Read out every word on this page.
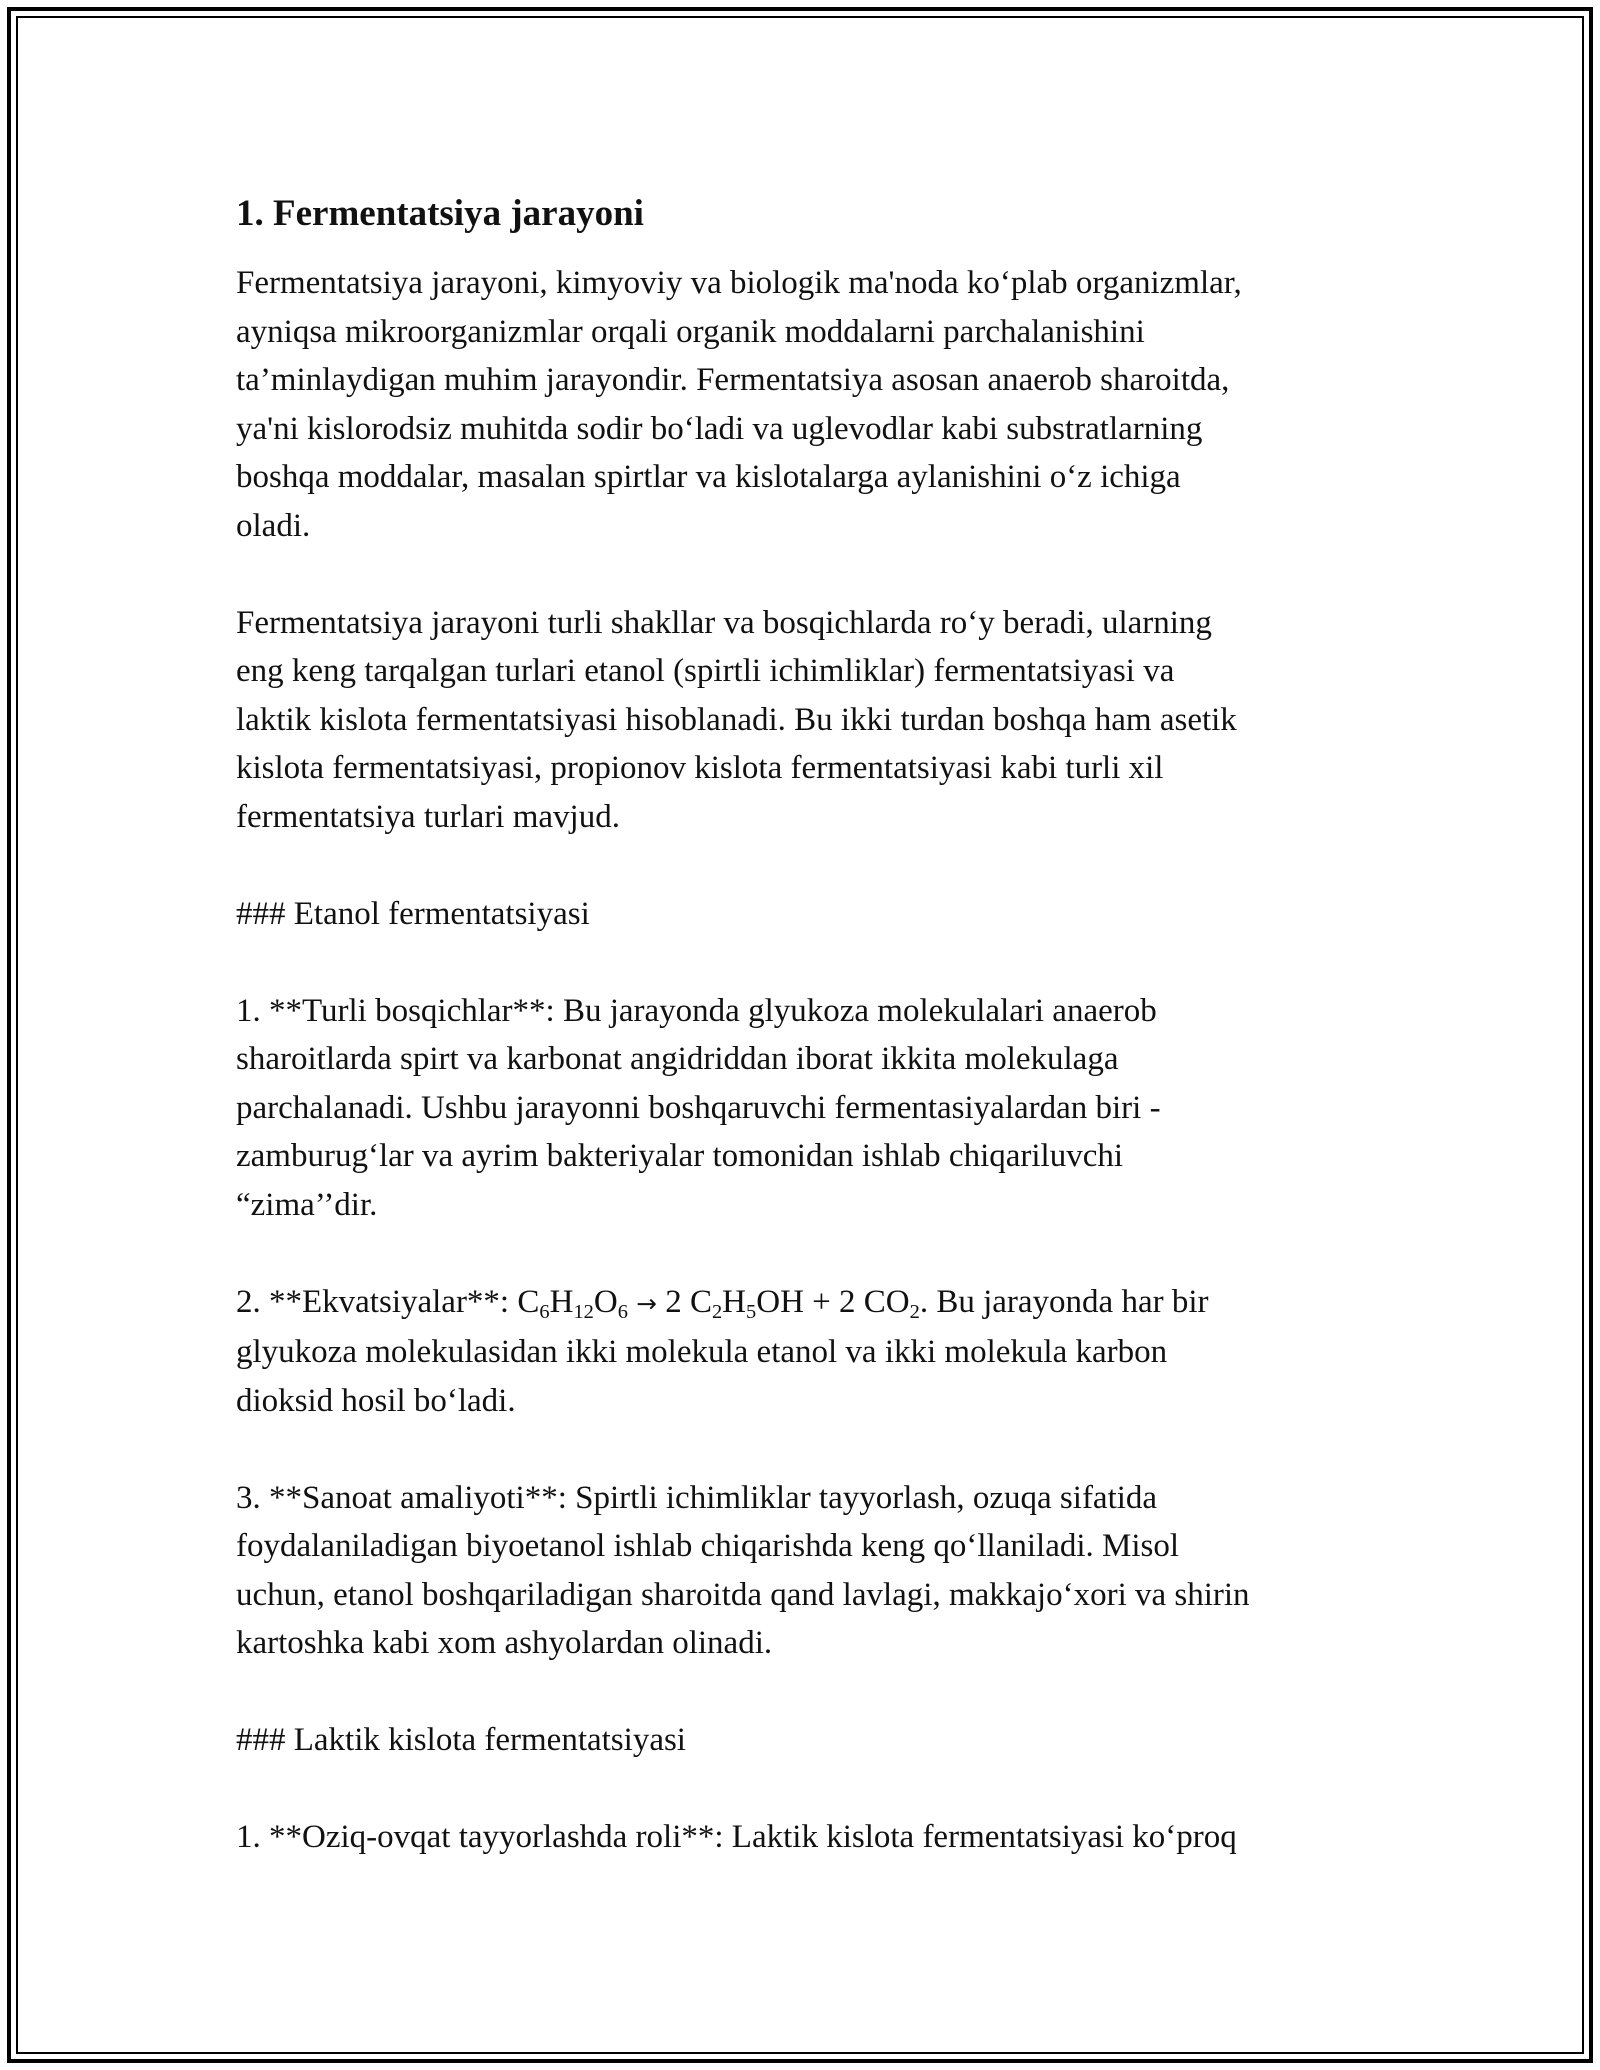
1. Fermentatsiya jarayoni

Fermentatsiya jarayoni, kimyoviy va biologik ma'noda ko‘plab organizmlar,
ayniqsa mikroorganizmlar orqali organik moddalarni parchalanishini
ta’minlaydigan muhim jarayondir. Fermentatsiya asosan anaerob sharoitda,
ya'ni kislorodsiz muhitda sodir bo‘ladi va uglevodlar kabi substratlarning
boshqa moddalar, masalan spirtlar va kislotalarga aylanishini o‘z ichiga
oladi.

Fermentatsiya jarayoni turli shakllar va bosqichlarda ro‘y beradi, ularning
eng keng tarqalgan turlari etanol (spirtli ichimliklar) fermentatsiyasi va
laktik kislota fermentatsiyasi hisoblanadi. Bu ikki turdan boshqa ham asetik
kislota fermentatsiyasi, propionov kislota fermentatsiyasi kabi turli xil
fermentatsiya turlari mavjud.

### Etanol fermentatsiyasi

1. **Turli bosqichlar**: Bu jarayonda glyukoza molekulalari anaerob
sharoitlarda spirt va karbonat angidriddan iborat ikkita molekulaga
parchalanadi. Ushbu jarayonni boshqaruvchi fermentasiyalardan biri -
zamburug‘lar va ayrim bakteriyalar tomonidan ishlab chiqariluvchi
“zima’’dir.

2. **Ekvatsiyalar**: $C_6H_{12}O_6 \to 2$ $C_2H_5OH + 2$ $CO_2$. Bu jarayonda har bir
glyukoza molekulasidan ikki molekula etanol va ikki molekula karbon
dioksid hosil bo‘ladi.

3. **Sanoat amaliyoti**: Spirtli ichimliklar tayyorlash, ozuqa sifatida
foydalaniladigan biyoetanol ishlab chiqarishda keng qo‘llaniladi. Misol
uchun, etanol boshqariladigan sharoitda qand lavlagi, makkajo‘xori va shirin
kartoshka kabi xom ashyolardan olinadi.

### Laktik kislota fermentatsiyasi

1. **Oziq-ovqat tayyorlashda roli**: Laktik kislota fermentatsiyasi ko‘proq
